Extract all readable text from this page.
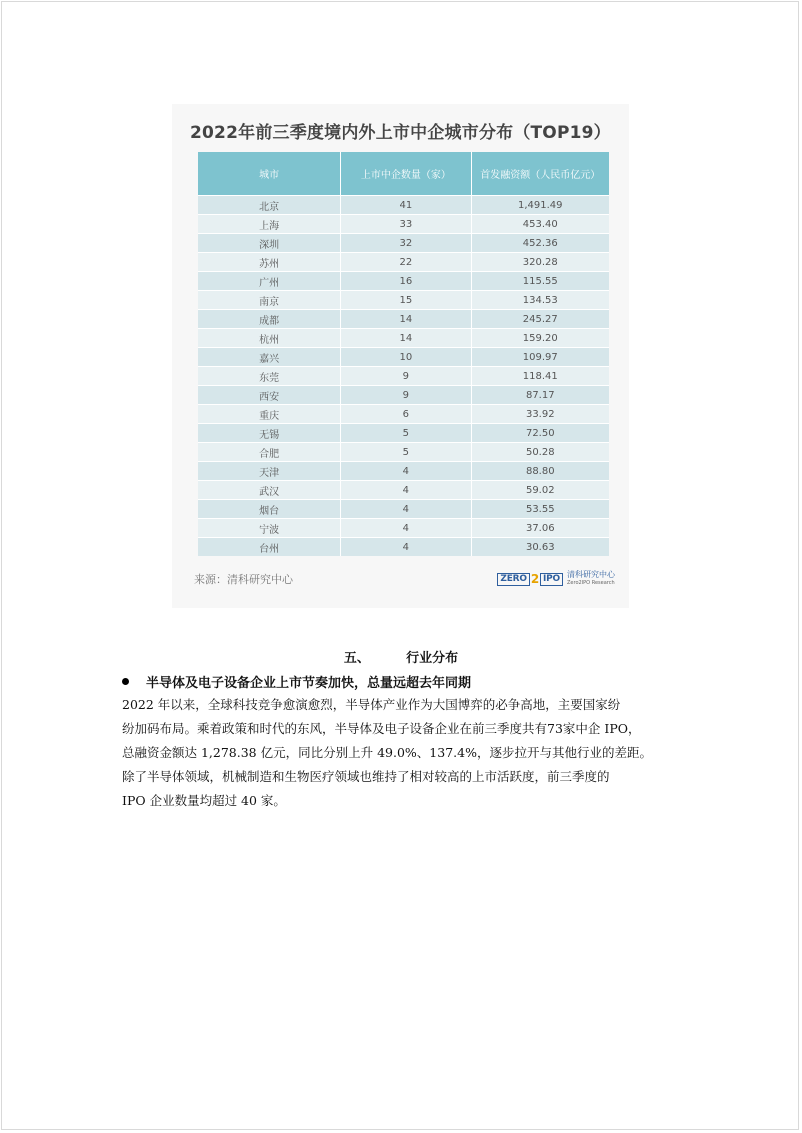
2022年前三季度境内外上市中企城市分布（TOP19）
城市	上市中企数量（家）	首发融资额（人民币亿元）
北京	41	1,491.49
上海	33	453.40
深圳	32	452.36
苏州	22	320.28
广州	16	115.55
南京	15	134.53
成都	14	245.27
杭州	14	159.20
嘉兴	10	109.97
东莞	9	118.41
西安	9	87.17
重庆	6	33.92
无锡	5	72.50
合肥	5	50.28
天津	4	88.80
武汉	4	59.02
烟台	4	53.55
宁波	4	37.06
台州	4	30.63
来源：清科研究中心	ZERO 2 IPO 清科研究中心
Zero2IPO Research
五、	行业分布
半导体及电子设备企业上市节奏加快，总量远超去年同期
2022 年以来，全球科技竞争愈演愈烈，半导体产业作为大国博弈的必争高地，主要国家纷
纷加码布局。乘着政策和时代的东风，半导体及电子设备企业在前三季度共有73家中企 IPO，
总融资金额达 1,278.38 亿元，同比分别上升 49.0%、137.4%，逐步拉开与其他行业的差距。
除了半导体领域，机械制造和生物医疗领域也维持了相对较高的上市活跃度，前三季度的
IPO 企业数量均超过 40 家。
